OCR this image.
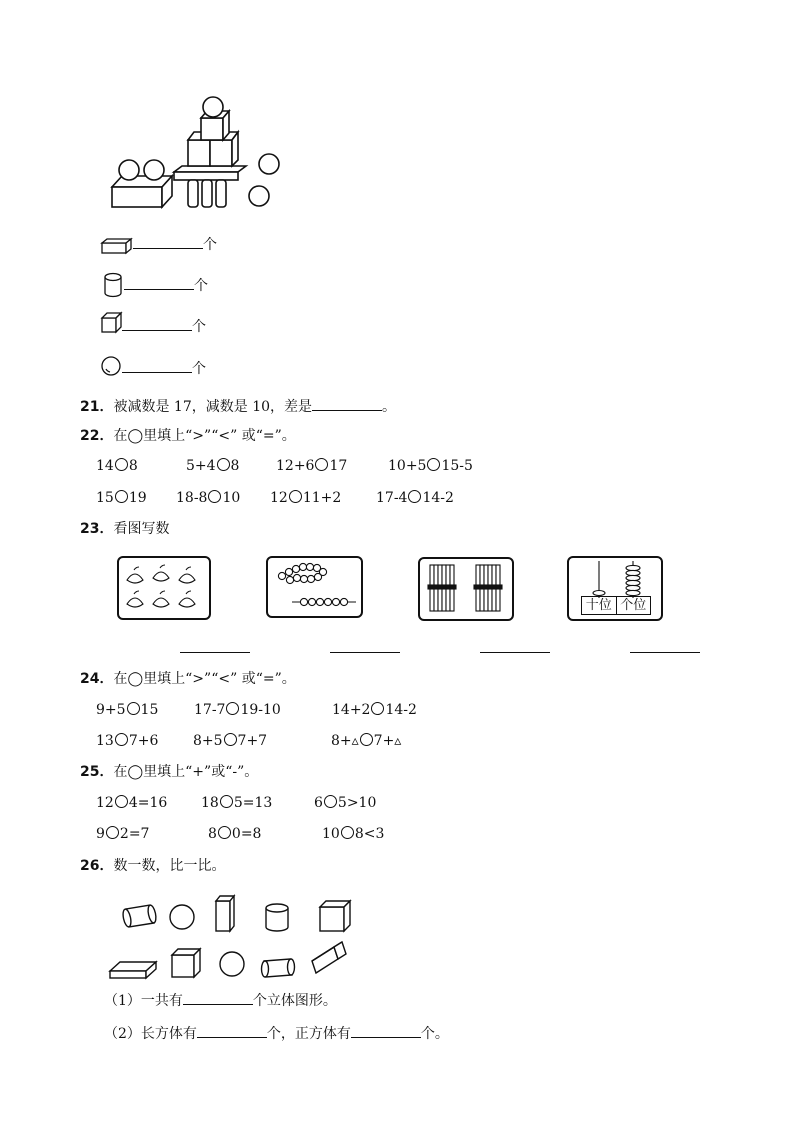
个
个
个
个
21．被减数是 17，减数是 10，差是	。
22．在◯里填上“>”“<” 或“=”。
14 8	5+4 8	12+6 17	10+5 15-5
15 19 18-8 10 12 11+2 17-4 14-2
23．看图写数
十位 个位
24．在◯里填上“>”“<” 或“=”。
9+5 15	17-7 19-10	14+2 14-2
13 7+6 8+5 7+7	8+▵ 7+▵
25．在◯里填上“+”或“-”。
12 4=16 18 5=13	6 5>10
9 2=7	8 0=8	10 8<3
26．数一数，比一比。
（1）一共有	个立体图形。
（2）长方体有	个，正方体有	个。
